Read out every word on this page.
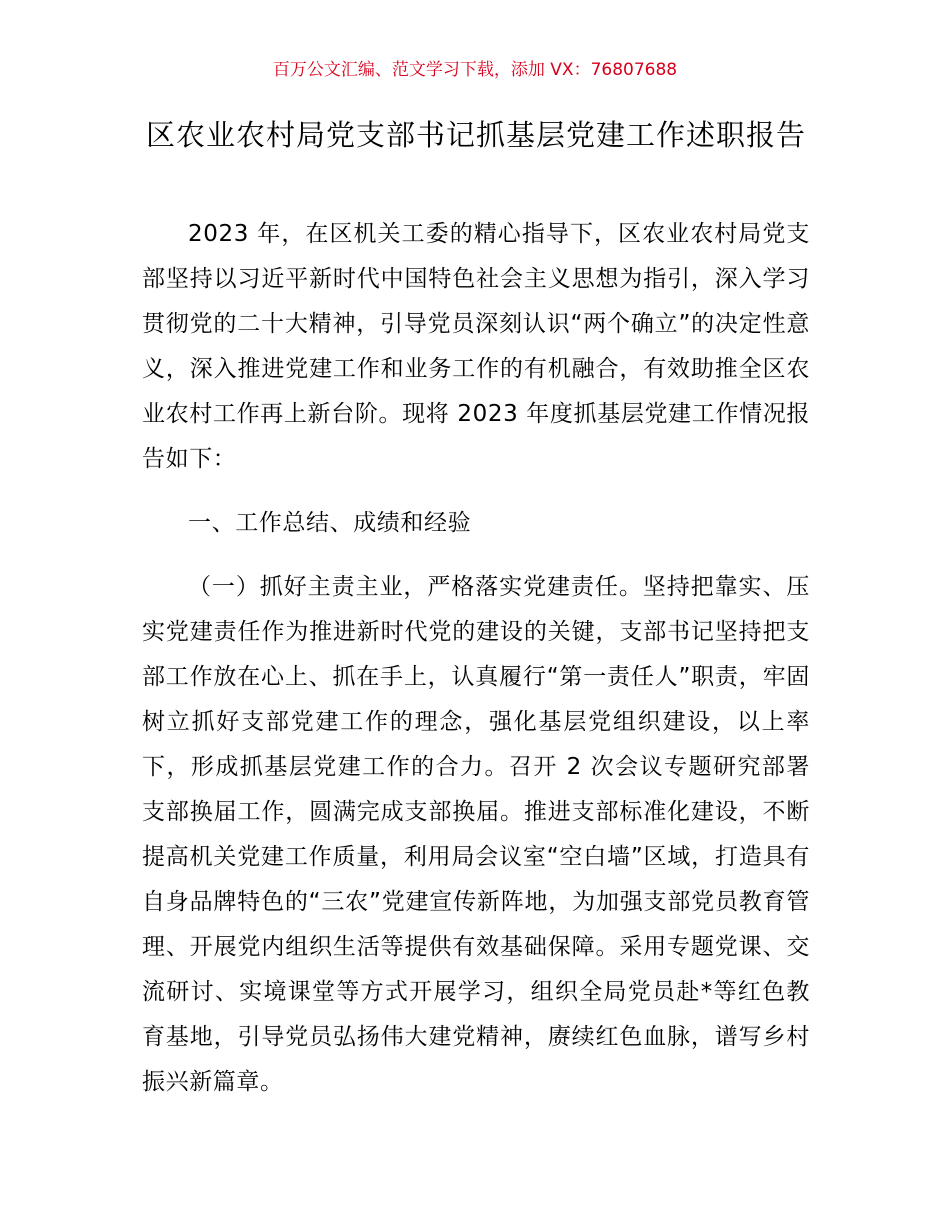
百万公文汇编、范文学习下载，添加 VX：76807688
区农业农村局党支部书记抓基层党建工作述职报告

2023 年，在区机关工委的精心指导下，区农业农村局党支部坚持以习近平新时代中国特色社会主义思想为指引，深入学习贯彻党的二十大精神，引导党员深刻认识“两个确立”的决定性意义，深入推进党建工作和业务工作的有机融合，有效助推全区农业农村工作再上新台阶。现将 2023 年度抓基层党建工作情况报告如下：

一、工作总结、成绩和经验

（一）抓好主责主业，严格落实党建责任。坚持把靠实、压实党建责任作为推进新时代党的建设的关键，支部书记坚持把支部工作放在心上、抓在手上，认真履行“第一责任人”职责，牢固树立抓好支部党建工作的理念，强化基层党组织建设，以上率下，形成抓基层党建工作的合力。召开 2 次会议专题研究部署支部换届工作，圆满完成支部换届。推进支部标准化建设，不断提高机关党建工作质量，利用局会议室“空白墙”区域，打造具有自身品牌特色的“三农”党建宣传新阵地，为加强支部党员教育管理、开展党内组织生活等提供有效基础保障。采用专题党课、交流研讨、实境课堂等方式开展学习，组织全局党员赴*等红色教育基地，引导党员弘扬伟大建党精神，赓续红色血脉，谱写乡村振兴新篇章。
